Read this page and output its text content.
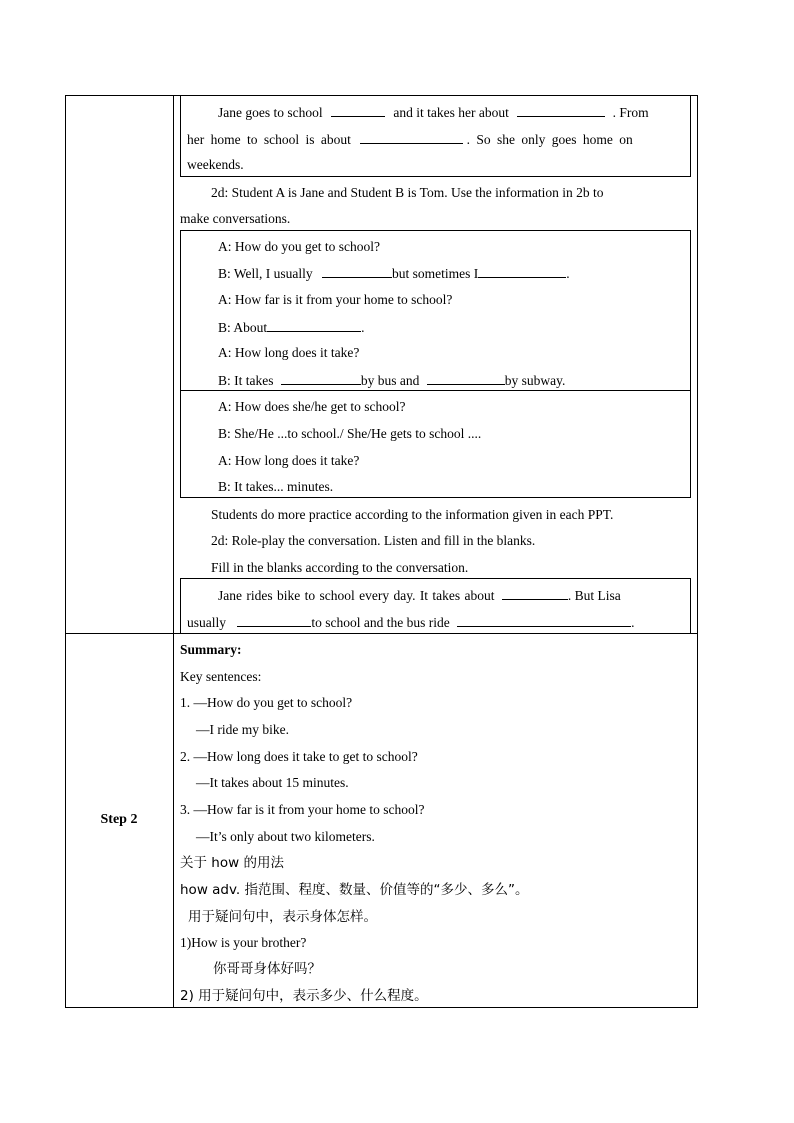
Jane goes to school	and it takes her about	. From
her home to school is about	. So she only goes home on
weekends.
2d: Student A is Jane and Student B is Tom. Use the information in 2b to
make conversations.
A: How do you get to school?
B: Well, I usually	but sometimes I	.
A: How far is it from your home to school?
B: About	.
A: How long does it take?
B: It takes	by bus and	by subway.
A: How does she/he get to school?
B: She/He ...to school./ She/He gets to school ....
A: How long does it take?
B: It takes... minutes.
Students do more practice according to the information given in each PPT.
2d: Role-play the conversation. Listen and fill in the blanks.
Fill in the blanks according to the conversation.
Jane rides bike to school every day. It takes about	. But Lisa
usually	to school and the bus ride	.
Step 2
Summary:
Key sentences:
1. —How do you get to school?
—I ride my bike.
2. —How long does it take to get to school?
—It takes about 15 minutes.
3. —How far is it from your home to school?
—It’s only about two kilometers.
关于 how 的用法
how adv. 指范围、程度、数量、价值等的“多少、多么”。
用于疑问句中，表示身体怎样。
1)How is your brother?
你哥哥身体好吗？
2) 用于疑问句中，表示多少、什么程度。
